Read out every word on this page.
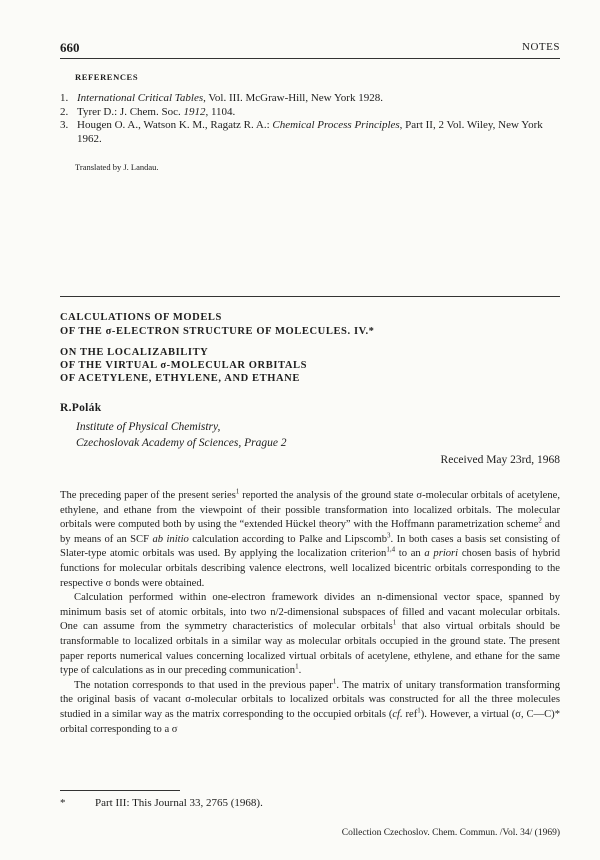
660	NOTES
REFERENCES
1. International Critical Tables, Vol. III. McGraw-Hill, New York 1928.
2. Tyrer D.: J. Chem. Soc. 1912, 1104.
3. Hougen O. A., Watson K. M., Ragatz R. A.: Chemical Process Principles, Part II, 2 Vol. Wiley, New York 1962.
Translated by J. Landau.
CALCULATIONS OF MODELS
OF THE σ-ELECTRON STRUCTURE OF MOLECULES. IV.*
ON THE LOCALIZABILITY
OF THE VIRTUAL σ-MOLECULAR ORBITALS
OF ACETYLENE, ETHYLENE, AND ETHANE
R.Polák
Institute of Physical Chemistry,
Czechoslovak Academy of Sciences, Prague 2
Received May 23rd, 1968

The preceding paper of the present series$^1$ reported the analysis of the ground state σ-molecular orbitals of acetylene, ethylene, and ethane from the viewpoint of their possible transformation into localized orbitals. The molecular orbitals were computed both by using the “extended Hückel theory” with the Hoffmann parametrization scheme$^2$ and by means of an SCF ab initio calculation according to Palke and Lipscomb$^3$. In both cases a basis set consisting of Slater-type atomic orbitals was used. By applying the localization criterion$^{1,4}$ to an a priori chosen basis of hybrid functions for molecular orbitals describing valence electrons, well localized bicentric orbitals corresponding to the respective σ bonds were obtained.

Calculation performed within one-electron framework divides an n-dimensional vector space, spanned by minimum basis set of atomic orbitals, into two n/2-dimensional subspaces of filled and vacant molecular orbitals. One can assume from the symmetry characteristics of molecular orbitals$^1$ that also virtual orbitals should be transformable to localized orbitals in a similar way as molecular orbitals occupied in the ground state. The present paper reports numerical values concerning localized virtual orbitals of acetylene, ethylene, and ethane for the same type of calculations as in our preceding communication$^1$.

The notation corresponds to that used in the previous paper$^1$. The matrix of unitary transformation transforming the original basis of vacant σ-molecular orbitals to localized orbitals was constructed for all the three molecules studied in a similar way as the matrix corresponding to the occupied orbitals (cf. ref$^1$). However, a virtual (σ, C—C)* orbital corresponding to a σ

*	Part III: This Journal 33, 2765 (1968).
Collection Czechoslov. Chem. Commun. /Vol. 34/ (1969)
